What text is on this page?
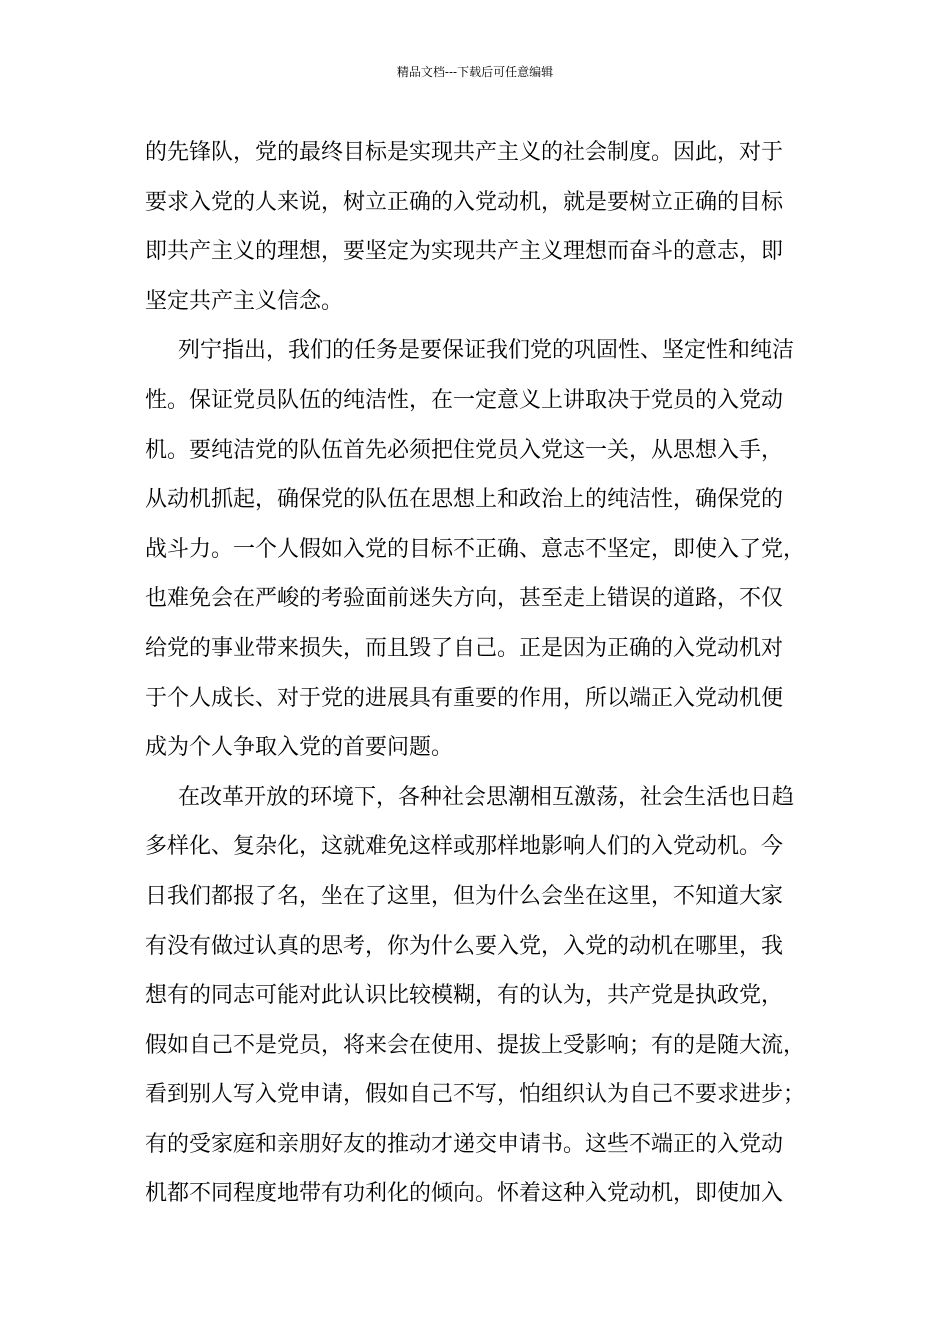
精品文档---下载后可任意编辑
的先锋队，党的最终目标是实现共产主义的社会制度。因此，对于
要求入党的人来说，树立正确的入党动机，就是要树立正确的目标
即共产主义的理想，要坚定为实现共产主义理想而奋斗的意志，即
坚定共产主义信念。
列宁指出，我们的任务是要保证我们党的巩固性、坚定性和纯洁
性。保证党员队伍的纯洁性，在一定意义上讲取决于党员的入党动
机。要纯洁党的队伍首先必须把住党员入党这一关，从思想入手，
从动机抓起，确保党的队伍在思想上和政治上的纯洁性，确保党的
战斗力。一个人假如入党的目标不正确、意志不坚定，即使入了党，
也难免会在严峻的考验面前迷失方向，甚至走上错误的道路，不仅
给党的事业带来损失，而且毁了自己。正是因为正确的入党动机对
于个人成长、对于党的进展具有重要的作用，所以端正入党动机便
成为个人争取入党的首要问题。
在改革开放的环境下，各种社会思潮相互激荡，社会生活也日趋
多样化、复杂化，这就难免这样或那样地影响人们的入党动机。今
日我们都报了名，坐在了这里，但为什么会坐在这里，不知道大家
有没有做过认真的思考，你为什么要入党，入党的动机在哪里，我
想有的同志可能对此认识比较模糊，有的认为，共产党是执政党，
假如自己不是党员，将来会在使用、提拔上受影响；有的是随大流，
看到别人写入党申请，假如自己不写，怕组织认为自己不要求进步；
有的受家庭和亲朋好友的推动才递交申请书。这些不端正的入党动
机都不同程度地带有功利化的倾向。怀着这种入党动机，即使加入
